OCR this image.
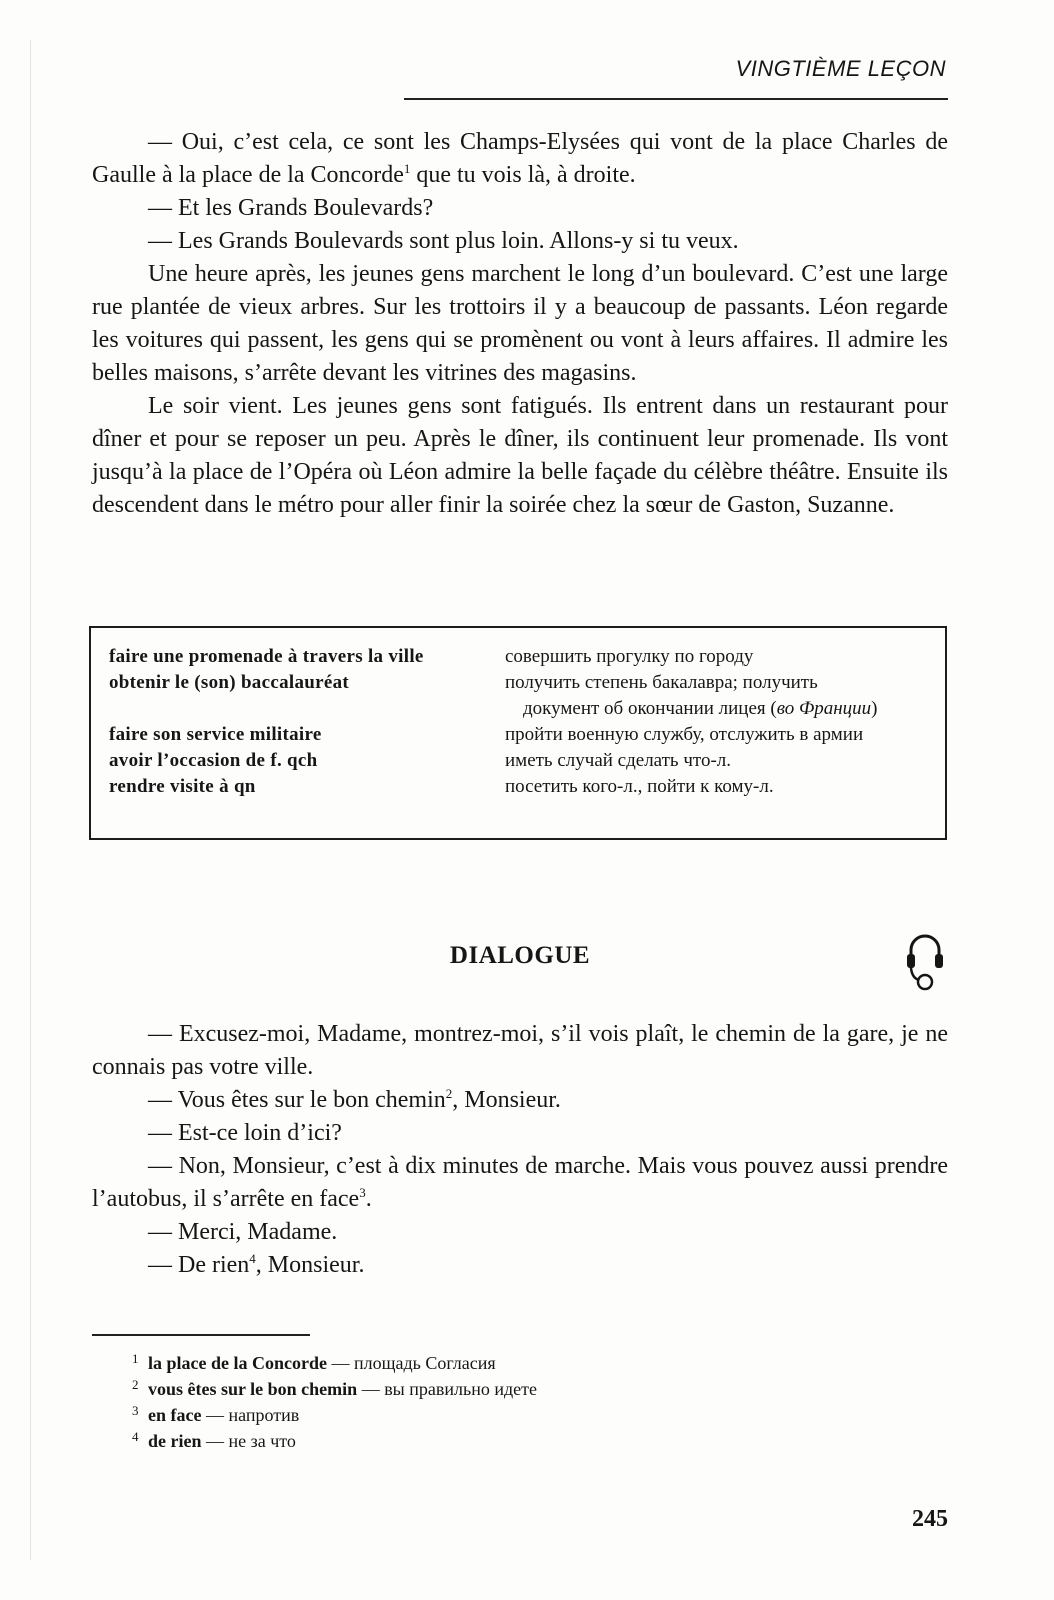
VINGTIÈME LEÇON

— Oui, c’est cela, ce sont les Champs-Elysées qui vont de la place Charles de Gaulle à la place de la Concorde$^1$ que tu vois là, à droite.

— Et les Grands Boulevards?

— Les Grands Boulevards sont plus loin. Allons-y si tu veux.

Une heure après, les jeunes gens marchent le long d’un boulevard. C’est une large rue plantée de vieux arbres. Sur les trottoirs il y a beaucoup de passants. Léon regarde les voitures qui passent, les gens qui se promènent ou vont à leurs affaires. Il admire les belles maisons, s’arrête devant les vitrines des magasins.

Le soir vient. Les jeunes gens sont fatigués. Ils entrent dans un restaurant pour dîner et pour se reposer un peu. Après le dîner, ils continuent leur promenade. Ils vont jusqu’à la place de l’Opéra où Léon admire la belle façade du célèbre théâtre. Ensuite ils descendent dans le métro pour aller finir la soirée chez la sœur de Gaston, Suzanne.

faire une promenade à travers la ville	совершить прогулку по городу
obtenir le (son) baccalauréat	получить степень бакалавра; получить
документ об окончании лицея (во Франции)
faire son service militaire	пройти военную службу, отслужить в армии
avoir l’occasion de f. qch	иметь случай сделать что-л.
rendre visite à qn	посетить кого-л., пойти к кому-л.
DIALOGUE

— Excusez-moi, Madame, montrez-moi, s’il vois plaît, le chemin de la gare, je ne connais pas votre ville.

— Vous êtes sur le bon chemin$^2$, Monsieur.

— Est-ce loin d’ici?

— Non, Monsieur, c’est à dix minutes de marche. Mais vous pouvez aussi prendre l’autobus, il s’arrête en face$^3$.

— Merci, Madame.

— De rien$^4$, Monsieur.

1 la place de la Concorde — площадь Согласия
2 vous êtes sur le bon chemin — вы правильно идете
3 en face — напротив
4 de rien — не за что
245
